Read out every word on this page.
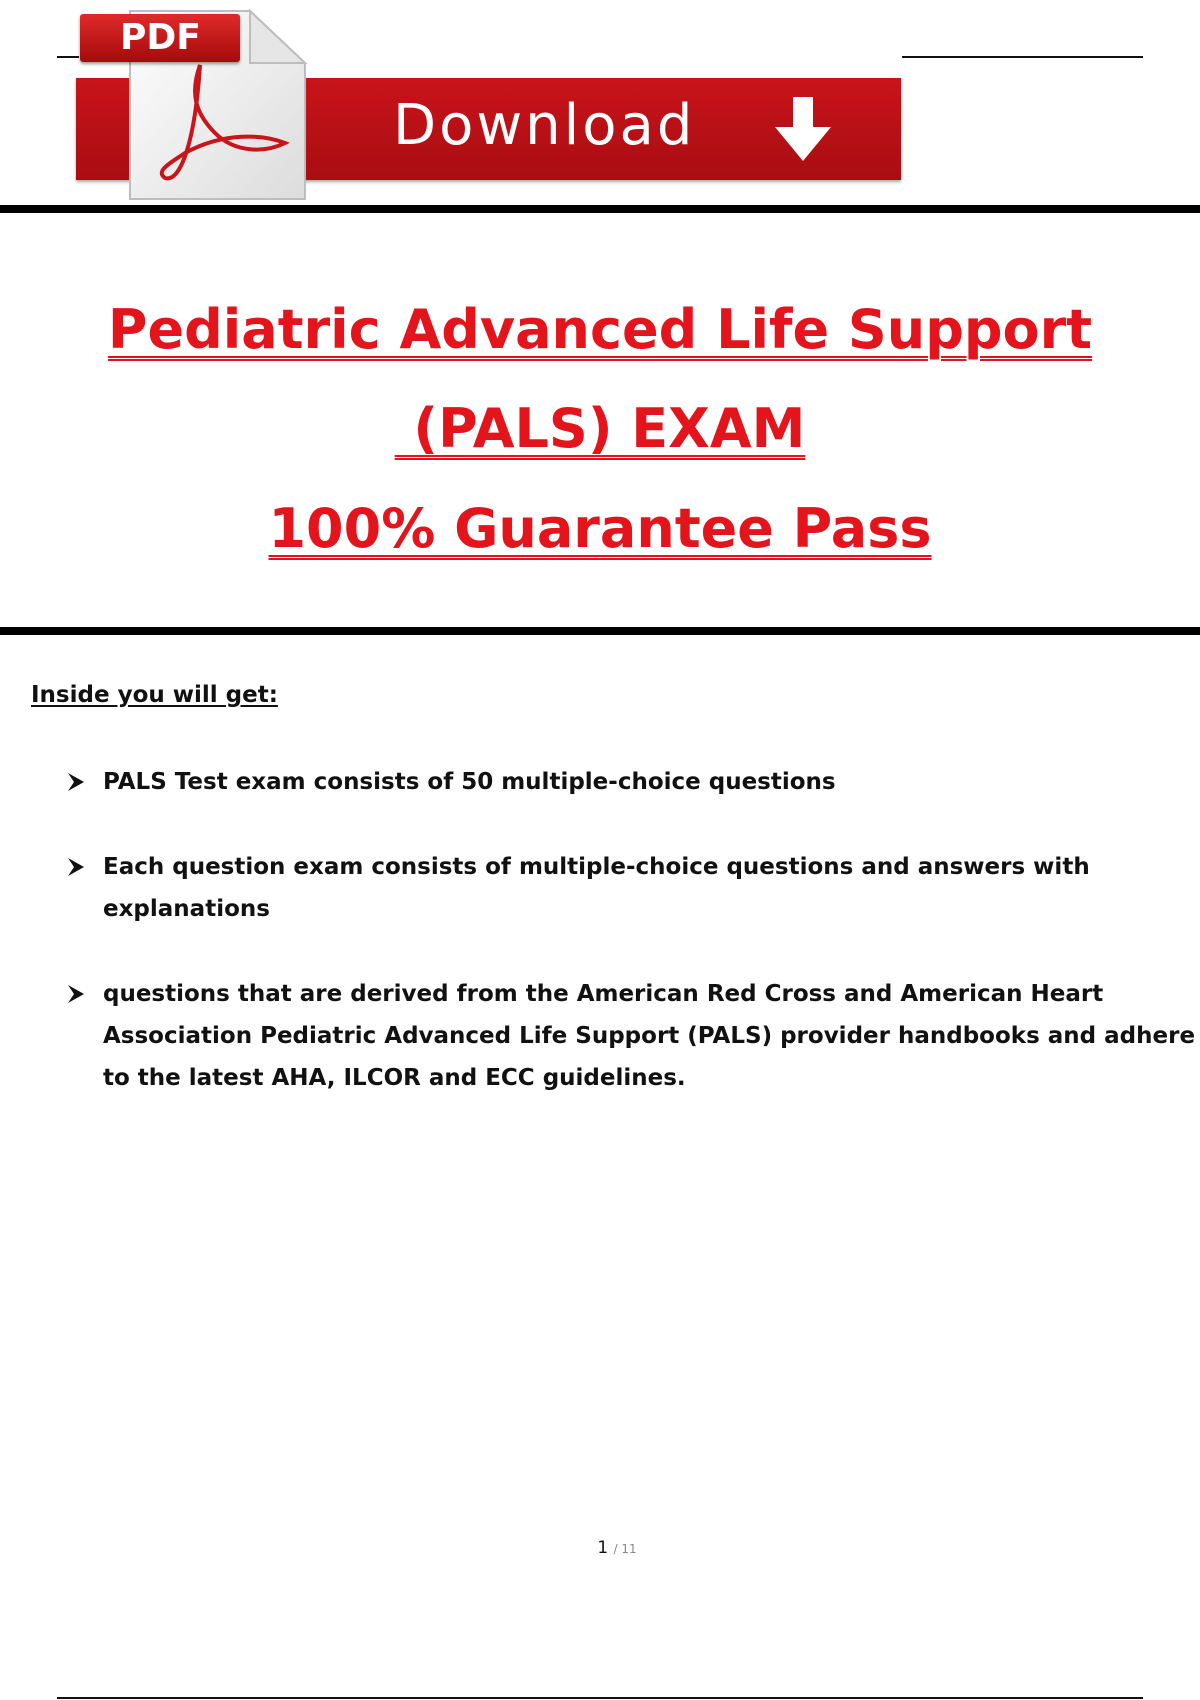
Download
PDF
Pediatric Advanced Life Support
(PALS) EXAM
100% Guarantee Pass
Inside you will get:
PALS Test exam consists of 50 multiple-choice questions
Each question exam consists of multiple-choice questions and answers with explanations
questions that are derived from the American Red Cross and American Heart Association Pediatric Advanced Life Support (PALS) provider handbooks and adhere to the latest AHA, ILCOR and ECC guidelines.
1 / 11
